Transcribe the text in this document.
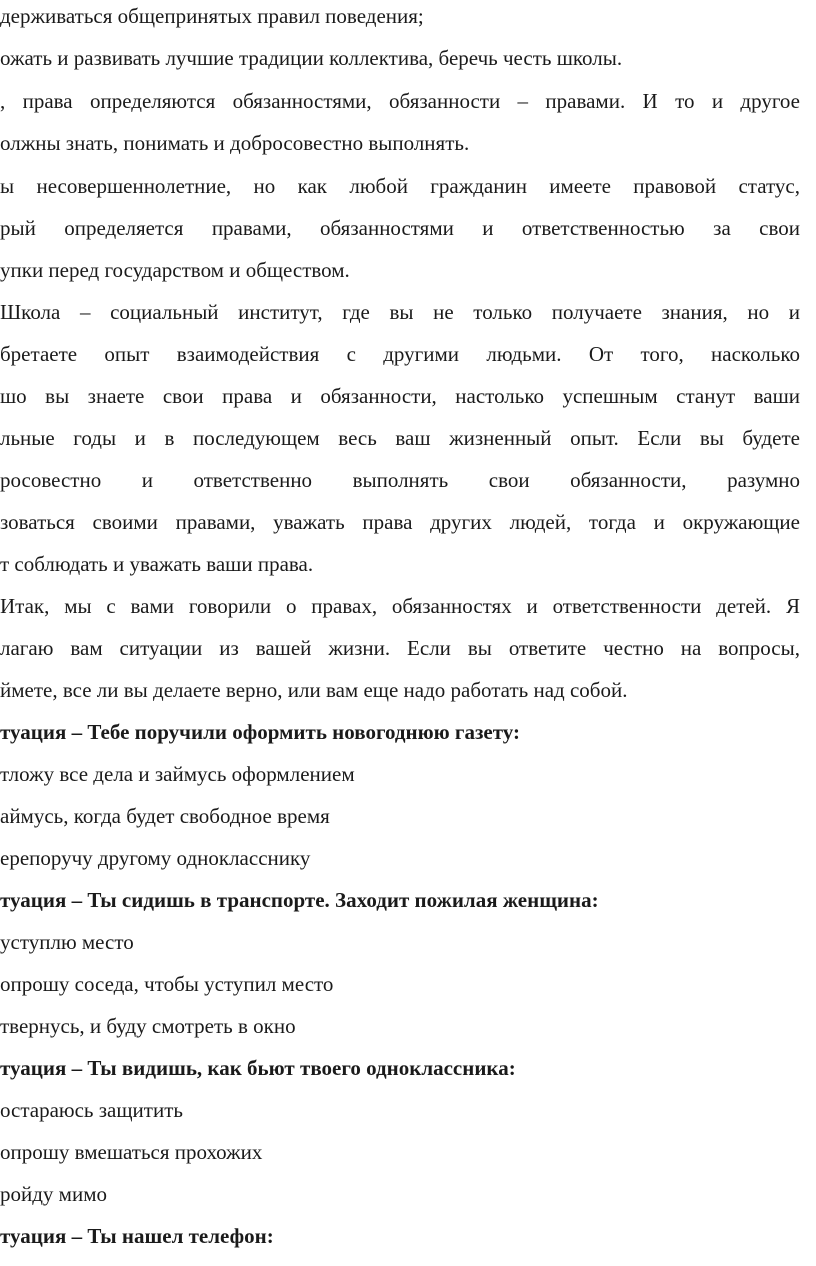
держиваться общепринятых правил поведения;
ожать и развивать лучшие традиции коллектива, беречь честь школы.
, права определяются обязанностями, обязанности – правами. И то и другое
олжны знать, понимать и добросовестно выполнять.
ы несовершеннолетние, но как любой гражданин имеете правовой статус,
рый определяется правами, обязанностями и ответственностью за свои
упки перед государством и обществом.
Школа – социальный институт, где вы не только получаете знания, но и
бретаете опыт взаимодействия с другими людьми. От того, насколько
шо вы знаете свои права и обязанности, настолько успешным станут ваши
льные годы и в последующем весь ваш жизненный опыт. Если вы будете
росовестно и ответственно выполнять свои обязанности, разумно
зоваться своими правами, уважать права других людей, тогда и окружающие
т соблюдать и уважать ваши права.
Итак, мы с вами говорили о правах, обязанностях и ответственности детей. Я
лагаю вам ситуации из вашей жизни. Если вы ответите честно на вопросы,
ймете, все ли вы делаете верно, или вам еще надо работать над собой.
туация – Тебе поручили оформить новогоднюю газету:
тложу все дела и займусь оформлением
аймусь, когда будет свободное время
ерепоручу другому однокласснику
туация – Ты сидишь в транспорте. Заходит пожилая женщина:
уступлю место
опрошу соседа, чтобы уступил место
твернусь, и буду смотреть в окно
туация – Ты видишь, как бьют твоего одноклассника:
остараюсь защитить
опрошу вмешаться прохожих
ройду мимо
туация – Ты нашел телефон:
